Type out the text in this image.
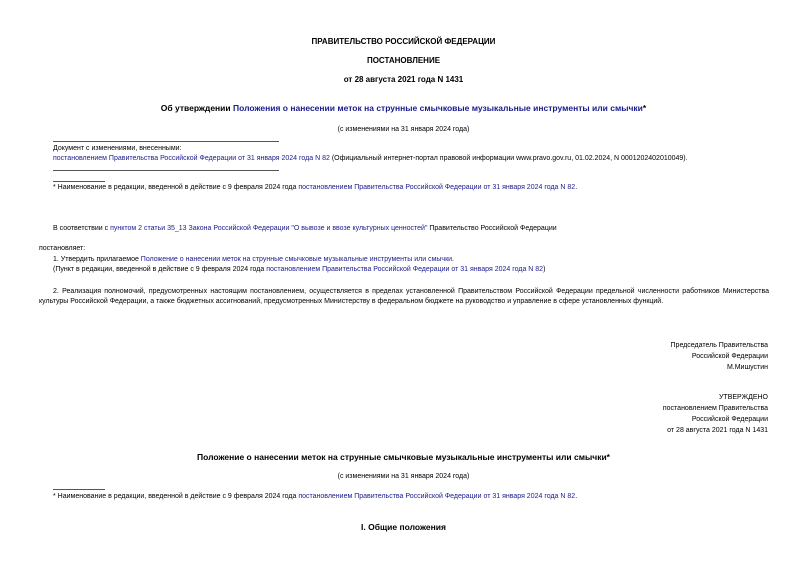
ПРАВИТЕЛЬСТВО РОССИЙСКОЙ ФЕДЕРАЦИИ
ПОСТАНОВЛЕНИЕ
от 28 августа 2021 года N 1431
Об утверждении Положения о нанесении меток на струнные смычковые музыкальные инструменты или смычки*
(с изменениями на 31 января 2024 года)
Документ с изменениями, внесенными:
постановлением Правительства Российской Федерации от 31 января 2024 года N 82 (Официальный интернет-портал правовой информации www.pravo.gov.ru, 01.02.2024, N 0001202402010049).
* Наименование в редакции, введенной в действие с 9 февраля 2024 года постановлением Правительства Российской Федерации от 31 января 2024 года N 82.
В соответствии с пунктом 2 статьи 35_13 Закона Российской Федерации "О вывозе и ввозе культурных ценностей" Правительство Российской Федерации
постановляет:
1. Утвердить прилагаемое Положение о нанесении меток на струнные смычковые музыкальные инструменты или смычки.
(Пункт в редакции, введенной в действие с 9 февраля 2024 года постановлением Правительства Российской Федерации от 31 января 2024 года N 82)
2. Реализация полномочий, предусмотренных настоящим постановлением, осуществляется в пределах установленной Правительством Российской Федерации предельной численности работников Министерства культуры Российской Федерации, а также бюджетных ассигнований, предусмотренных Министерству в федеральном бюджете на руководство и управление в сфере установленных функций.
Председатель Правительства
Российской Федерации
М.Мишустин
УТВЕРЖДЕНО
постановлением Правительства
Российской Федерации
от 28 августа 2021 года N 1431
Положение о нанесении меток на струнные смычковые музыкальные инструменты или смычки*
(с изменениями на 31 января 2024 года)
* Наименование в редакции, введенной в действие с 9 февраля 2024 года постановлением Правительства Российской Федерации от 31 января 2024 года N 82.
I. Общие положения
